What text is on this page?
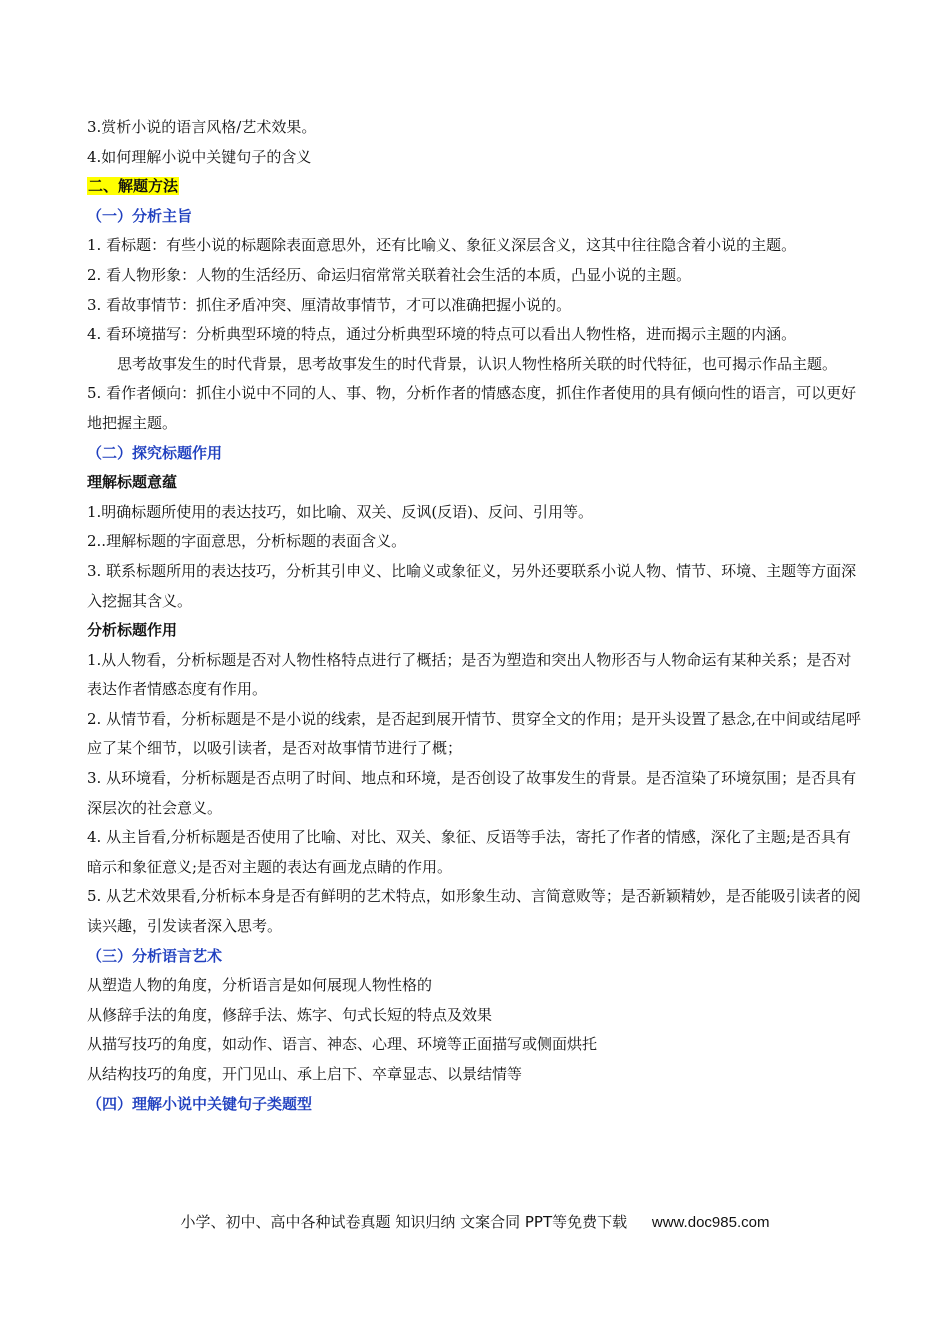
3.赏析小说的语言风格/艺术效果。

4.如何理解小说中关键句子的含义

二、解题方法

（一）分析主旨

1. 看标题：有些小说的标题除表面意思外，还有比喻义、象征义深层含义，这其中往往隐含着小说的主题。

2. 看人物形象：人物的生活经历、命运归宿常常关联着社会生活的本质，凸显小说的主题。

3. 看故事情节：抓住矛盾冲突、厘清故事情节，才可以准确把握小说的。

4. 看环境描写：分析典型环境的特点，通过分析典型环境的特点可以看出人物性格，进而揭示主题的内涵。

思考故事发生的时代背景，思考故事发生的时代背景，认识人物性格所关联的时代特征，也可揭示作品主题。

5. 看作者倾向：抓住小说中不同的人、事、物，分析作者的情感态度，抓住作者使用的具有倾向性的语言，可以更好地把握主题。

（二）探究标题作用

理解标题意蕴

1.明确标题所使用的表达技巧，如比喻、双关、反讽(反语)、反问、引用等。

2..理解标题的字面意思，分析标题的表面含义。

3. 联系标题所用的表达技巧，分析其引申义、比喻义或象征义，另外还要联系小说人物、情节、环境、主题等方面深入挖掘其含义。

分析标题作用

1.从人物看，分析标题是否对人物性格特点进行了概括；是否为塑造和突出人物形否与人物命运有某种关系；是否对表达作者情感态度有作用。

2. 从情节看，分析标题是不是小说的线索，是否起到展开情节、贯穿全文的作用；是开头设置了悬念,在中间或结尾呼应了某个细节，以吸引读者，是否对故事情节进行了概；

3. 从环境看，分析标题是否点明了时间、地点和环境，是否创设了故事发生的背景。是否渲染了环境氛围；是否具有深层次的社会意义。

4. 从主旨看,分析标题是否使用了比喻、对比、双关、象征、反语等手法，寄托了作者的情感，深化了主题;是否具有暗示和象征意义;是否对主题的表达有画龙点睛的作用。

5. 从艺术效果看,分析标本身是否有鲜明的艺术特点，如形象生动、言简意败等；是否新颖精妙，是否能吸引读者的阅读兴趣，引发读者深入思考。

（三）分析语言艺术

从塑造人物的角度，分析语言是如何展现人物性格的

从修辞手法的角度，修辞手法、炼字、句式长短的特点及效果

从描写技巧的角度，如动作、语言、神态、心理、环境等正面描写或侧面烘托

从结构技巧的角度，开门见山、承上启下、卒章显志、以景结情等

（四）理解小说中关键句子类题型

小学、初中、高中各种试卷真题 知识归纳 文案合同 PPT等免费下载 www.doc985.com
